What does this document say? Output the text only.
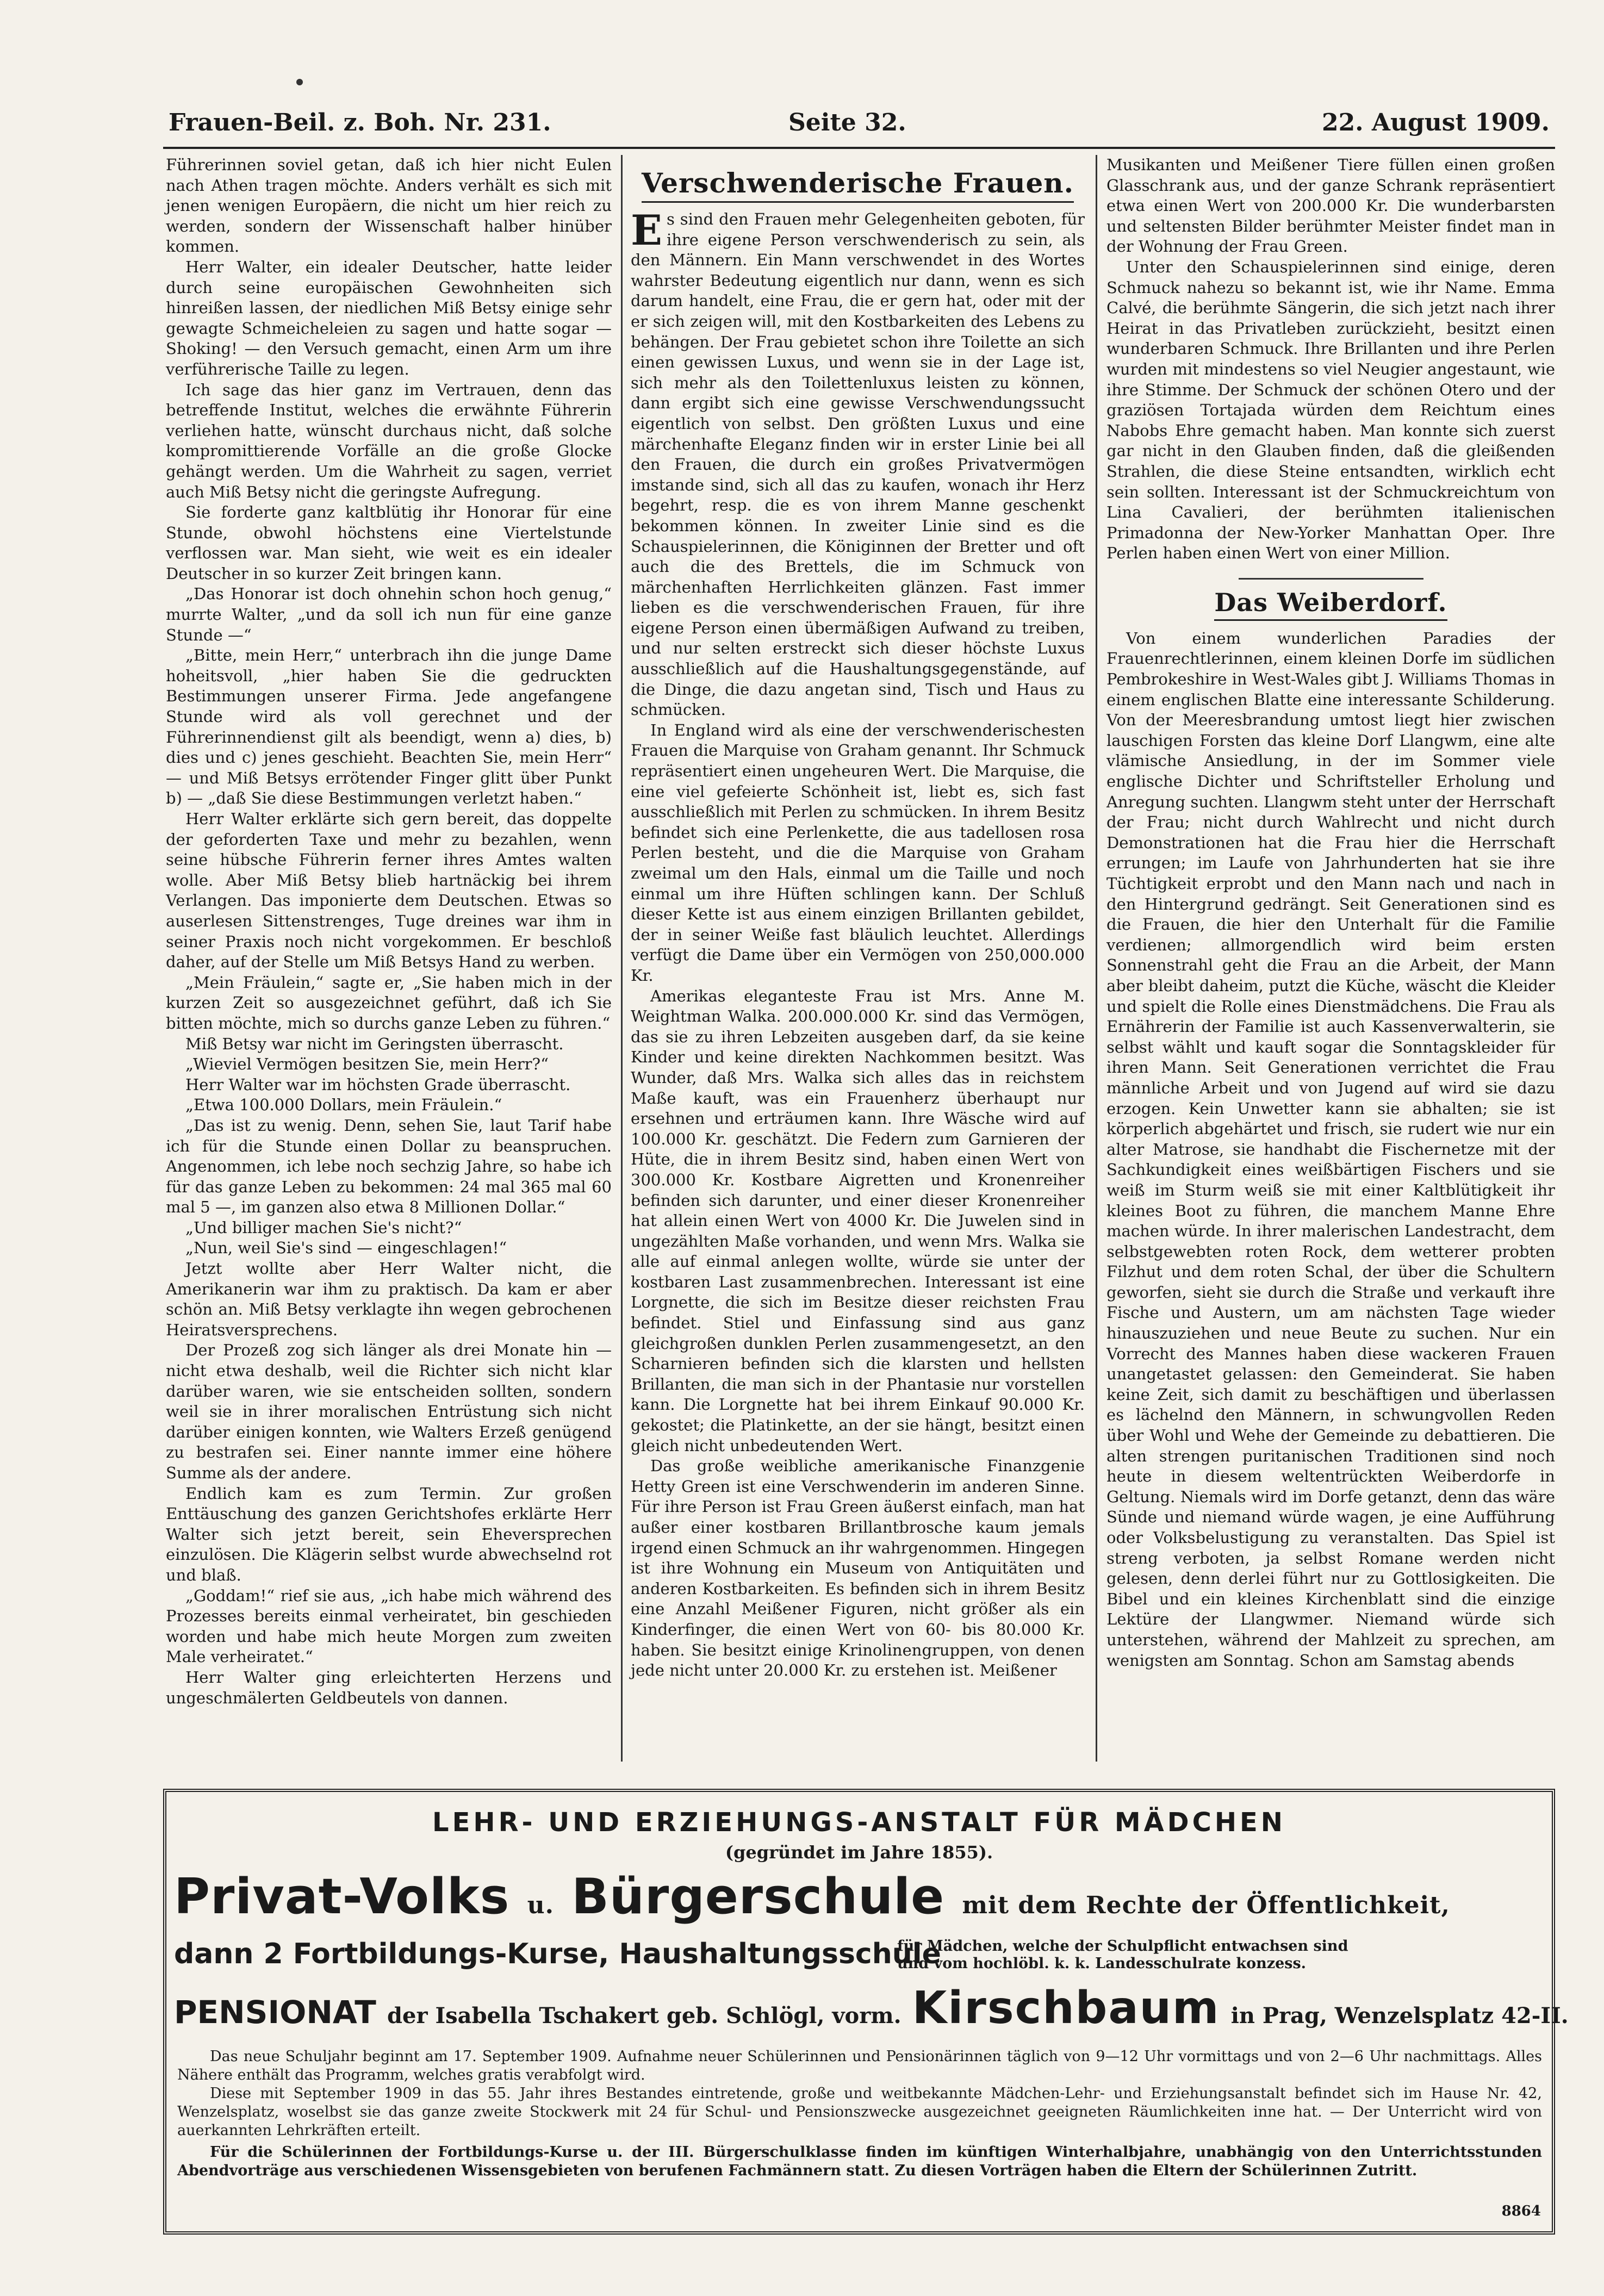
Frauen-Beil. z. Boh. Nr. 231.	Seite 32.	22. August 1909.

Führerinnen soviel getan, daß ich hier nicht Eulen nach Athen tragen möchte. Anders verhält es sich mit jenen wenigen Europäern, die nicht um hier reich zu werden, sondern der Wissenschaft halber hinüber kommen.

Herr Walter, ein idealer Deutscher, hatte leider durch seine europäischen Gewohnheiten sich hinreißen lassen, der niedlichen Miß Betsy einige sehr gewagte Schmeicheleien zu sagen und hatte sogar — Shoking! — den Versuch gemacht, einen Arm um ihre verführerische Taille zu legen.

Ich sage das hier ganz im Vertrauen, denn das betreffende Institut, welches die erwähnte Führerin verliehen hatte, wünscht durchaus nicht, daß solche kompromittierende Vorfälle an die große Glocke gehängt werden. Um die Wahrheit zu sagen, verriet auch Miß Betsy nicht die geringste Aufregung.

Sie forderte ganz kaltblütig ihr Honorar für eine Stunde, obwohl höchstens eine Viertelstunde verflossen war. Man sieht, wie weit es ein idealer Deutscher in so kurzer Zeit bringen kann.

„Das Honorar ist doch ohnehin schon hoch genug,“ murrte Walter, „und da soll ich nun für eine ganze Stunde —“

„Bitte, mein Herr,“ unterbrach ihn die junge Dame hoheitsvoll, „hier haben Sie die gedruckten Bestimmungen unserer Firma. Jede angefangene Stunde wird als voll gerechnet und der Führerinnendienst gilt als beendigt, wenn a) dies, b) dies und c) jenes geschieht. Beachten Sie, mein Herr“ — und Miß Betsys errötender Finger glitt über Punkt b) — „daß Sie diese Bestimmungen verletzt haben.“

Herr Walter erklärte sich gern bereit, das doppelte der geforderten Taxe und mehr zu bezahlen, wenn seine hübsche Führerin ferner ihres Amtes walten wolle. Aber Miß Betsy blieb hartnäckig bei ihrem Verlangen. Das imponierte dem Deutschen. Etwas so auserlesen Sittenstrenges, Tuge dreines war ihm in seiner Praxis noch nicht vorgekommen. Er beschloß daher, auf der Stelle um Miß Betsys Hand zu werben.

„Mein Fräulein,“ sagte er, „Sie haben mich in der kurzen Zeit so ausgezeichnet geführt, daß ich Sie bitten möchte, mich so durchs ganze Leben zu führen.“

Miß Betsy war nicht im Geringsten überrascht.

„Wieviel Vermögen besitzen Sie, mein Herr?“

Herr Walter war im höchsten Grade überrascht.

„Etwa 100.000 Dollars, mein Fräulein.“

„Das ist zu wenig. Denn, sehen Sie, laut Tarif habe ich für die Stunde einen Dollar zu beanspruchen. Angenommen, ich lebe noch sechzig Jahre, so habe ich für das ganze Leben zu bekommen: 24 mal 365 mal 60 mal 5 —, im ganzen also etwa 8 Millionen Dollar.“

„Und billiger machen Sie's nicht?“

„Nun, weil Sie's sind — eingeschlagen!“

Jetzt wollte aber Herr Walter nicht, die Amerikanerin war ihm zu praktisch. Da kam er aber schön an. Miß Betsy verklagte ihn wegen gebrochenen Heiratsversprechens.

Der Prozeß zog sich länger als drei Monate hin — nicht etwa deshalb, weil die Richter sich nicht klar darüber waren, wie sie entscheiden sollten, sondern weil sie in ihrer moralischen Entrüstung sich nicht darüber einigen konnten, wie Walters Erzeß genügend zu bestrafen sei. Einer nannte immer eine höhere Summe als der andere.

Endlich kam es zum Termin. Zur großen Enttäuschung des ganzen Gerichtshofes erklärte Herr Walter sich jetzt bereit, sein Eheversprechen einzulösen. Die Klägerin selbst wurde abwechselnd rot und blaß.

„Goddam!“ rief sie aus, „ich habe mich während des Prozesses bereits einmal verheiratet, bin geschieden worden und habe mich heute Morgen zum zweiten Male verheiratet.“

Herr Walter ging erleichterten Herzens und ungeschmälerten Geldbeutels von dannen.

Verschwenderische Frauen.

Es sind den Frauen mehr Gelegenheiten geboten, für ihre eigene Person verschwenderisch zu sein, als den Männern. Ein Mann verschwendet in des Wortes wahrster Bedeutung eigentlich nur dann, wenn es sich darum handelt, eine Frau, die er gern hat, oder mit der er sich zeigen will, mit den Kostbarkeiten des Lebens zu behängen. Der Frau gebietet schon ihre Toilette an sich einen gewissen Luxus, und wenn sie in der Lage ist, sich mehr als den Toilettenluxus leisten zu können, dann ergibt sich eine gewisse Verschwendungssucht eigentlich von selbst. Den größten Luxus und eine märchenhafte Eleganz finden wir in erster Linie bei all den Frauen, die durch ein großes Privatvermögen imstande sind, sich all das zu kaufen, wonach ihr Herz begehrt, resp. die es von ihrem Manne geschenkt bekommen können. In zweiter Linie sind es die Schauspielerinnen, die Königinnen der Bretter und oft auch die des Brettels, die im Schmuck von märchenhaften Herrlichkeiten glänzen. Fast immer lieben es die verschwenderischen Frauen, für ihre eigene Person einen übermäßigen Aufwand zu treiben, und nur selten erstreckt sich dieser höchste Luxus ausschließlich auf die Haushaltungsgegenstände, auf die Dinge, die dazu angetan sind, Tisch und Haus zu schmücken.

In England wird als eine der verschwenderischesten Frauen die Marquise von Graham genannt. Ihr Schmuck repräsentiert einen ungeheuren Wert. Die Marquise, die eine viel gefeierte Schönheit ist, liebt es, sich fast ausschließlich mit Perlen zu schmücken. In ihrem Besitz befindet sich eine Perlenkette, die aus tadellosen rosa Perlen besteht, und die die Marquise von Graham zweimal um den Hals, einmal um die Taille und noch einmal um ihre Hüften schlingen kann. Der Schluß dieser Kette ist aus einem einzigen Brillanten gebildet, der in seiner Weiße fast bläulich leuchtet. Allerdings verfügt die Dame über ein Vermögen von 250,000.000 Kr.

Amerikas eleganteste Frau ist Mrs. Anne M. Weightman Walka. 200.000.000 Kr. sind das Vermögen, das sie zu ihren Lebzeiten ausgeben darf, da sie keine Kinder und keine direkten Nachkommen besitzt. Was Wunder, daß Mrs. Walka sich alles das in reichstem Maße kauft, was ein Frauenherz überhaupt nur ersehnen und erträumen kann. Ihre Wäsche wird auf 100.000 Kr. geschätzt. Die Federn zum Garnieren der Hüte, die in ihrem Besitz sind, haben einen Wert von 300.000 Kr. Kostbare Aigretten und Kronenreiher befinden sich darunter, und einer dieser Kronenreiher hat allein einen Wert von 4000 Kr. Die Juwelen sind in ungezählten Maße vorhanden, und wenn Mrs. Walka sie alle auf einmal anlegen wollte, würde sie unter der kostbaren Last zusammenbrechen. Interessant ist eine Lorgnette, die sich im Besitze dieser reichsten Frau befindet. Stiel und Einfassung sind aus ganz gleichgroßen dunklen Perlen zusammengesetzt, an den Scharnieren befinden sich die klarsten und hellsten Brillanten, die man sich in der Phantasie nur vorstellen kann. Die Lorgnette hat bei ihrem Einkauf 90.000 Kr. gekostet; die Platinkette, an der sie hängt, besitzt einen gleich nicht unbedeutenden Wert.

Das große weibliche amerikanische Finanzgenie Hetty Green ist eine Verschwenderin im anderen Sinne. Für ihre Person ist Frau Green äußerst einfach, man hat außer einer kostbaren Brillantbrosche kaum jemals irgend einen Schmuck an ihr wahrgenommen. Hingegen ist ihre Wohnung ein Museum von Antiquitäten und anderen Kostbarkeiten. Es befinden sich in ihrem Besitz eine Anzahl Meißener Figuren, nicht größer als ein Kinderfinger, die einen Wert von 60- bis 80.000 Kr. haben. Sie besitzt einige Krinolinengruppen, von denen jede nicht unter 20.000 Kr. zu erstehen ist. Meißener

Musikanten und Meißener Tiere füllen einen großen Glasschrank aus, und der ganze Schrank repräsentiert etwa einen Wert von 200.000 Kr. Die wunderbarsten und seltensten Bilder berühmter Meister findet man in der Wohnung der Frau Green.

Unter den Schauspielerinnen sind einige, deren Schmuck nahezu so bekannt ist, wie ihr Name. Emma Calvé, die berühmte Sängerin, die sich jetzt nach ihrer Heirat in das Privatleben zurückzieht, besitzt einen wunderbaren Schmuck. Ihre Brillanten und ihre Perlen wurden mit mindestens so viel Neugier angestaunt, wie ihre Stimme. Der Schmuck der schönen Otero und der graziösen Tortajada würden dem Reichtum eines Nabobs Ehre gemacht haben. Man konnte sich zuerst gar nicht in den Glauben finden, daß die gleißenden Strahlen, die diese Steine entsandten, wirklich echt sein sollten. Interessant ist der Schmuckreichtum von Lina Cavalieri, der berühmten italienischen Primadonna der New-Yorker Manhattan Oper. Ihre Perlen haben einen Wert von einer Million.

Das Weiberdorf.

Von einem wunderlichen Paradies der Frauenrechtlerinnen, einem kleinen Dorfe im südlichen Pembrokeshire in West-Wales gibt J. Williams Thomas in einem englischen Blatte eine interessante Schilderung. Von der Meeresbrandung umtost liegt hier zwischen lauschigen Forsten das kleine Dorf Llangwm, eine alte vlämische Ansiedlung, in der im Sommer viele englische Dichter und Schriftsteller Erholung und Anregung suchten. Llangwm steht unter der Herrschaft der Frau; nicht durch Wahlrecht und nicht durch Demonstrationen hat die Frau hier die Herrschaft errungen; im Laufe von Jahrhunderten hat sie ihre Tüchtigkeit erprobt und den Mann nach und nach in den Hintergrund gedrängt. Seit Generationen sind es die Frauen, die hier den Unterhalt für die Familie verdienen; allmorgendlich wird beim ersten Sonnenstrahl geht die Frau an die Arbeit, der Mann aber bleibt daheim, putzt die Küche, wäscht die Kleider und spielt die Rolle eines Dienstmädchens. Die Frau als Ernährerin der Familie ist auch Kassenverwalterin, sie selbst wählt und kauft sogar die Sonntagskleider für ihren Mann. Seit Generationen verrichtet die Frau männliche Arbeit und von Jugend auf wird sie dazu erzogen. Kein Unwetter kann sie abhalten; sie ist körperlich abgehärtet und frisch, sie rudert wie nur ein alter Matrose, sie handhabt die Fischernetze mit der Sachkundigkeit eines weißbärtigen Fischers und sie weiß im Sturm weiß sie mit einer Kaltblütigkeit ihr kleines Boot zu führen, die manchem Manne Ehre machen würde. In ihrer malerischen Landestracht, dem selbstgewebten roten Rock, dem wetterer probten Filzhut und dem roten Schal, der über die Schultern geworfen, sieht sie durch die Straße und verkauft ihre Fische und Austern, um am nächsten Tage wieder hinauszuziehen und neue Beute zu suchen. Nur ein Vorrecht des Mannes haben diese wackeren Frauen unangetastet gelassen: den Gemeinderat. Sie haben keine Zeit, sich damit zu beschäftigen und überlassen es lächelnd den Männern, in schwungvollen Reden über Wohl und Wehe der Gemeinde zu debattieren. Die alten strengen puritanischen Traditionen sind noch heute in diesem weltentrückten Weiberdorfe in Geltung. Niemals wird im Dorfe getanzt, denn das wäre Sünde und niemand würde wagen, je eine Aufführung oder Volksbelustigung zu veranstalten. Das Spiel ist streng verboten, ja selbst Romane werden nicht gelesen, denn derlei führt nur zu Gottlosigkeiten. Die Bibel und ein kleines Kirchenblatt sind die einzige Lektüre der Llangwmer. Niemand würde sich unterstehen, während der Mahlzeit zu sprechen, am wenigsten am Sonntag. Schon am Samstag abends

LEHR- UND ERZIEHUNGS-ANSTALT FÜR MÄDCHEN
(gegründet im Jahre 1855).
Privat-Volks u. Bürgerschule mit dem Rechte der Öffentlichkeit,
dann 2 Fortbildungs-Kurse, Haushaltungsschule
für Mädchen, welche der Schulpflicht entwachsen sind
und vom hochlöbl. k. k. Landesschulrate konzess.
PENSIONAT der Isabella Tschakert geb. Schlögl, vorm. Kirschbaum in Prag, Wenzelsplatz 42-II.

Das neue Schuljahr beginnt am 17. September 1909. Aufnahme neuer Schülerinnen und Pensionärinnen täglich von 9—12 Uhr vormittags und von 2—6 Uhr nachmittags. Alles Nähere enthält das Programm, welches gratis verabfolgt wird.

Diese mit September 1909 in das 55. Jahr ihres Bestandes eintretende, große und weitbekannte Mädchen-Lehr- und Erziehungsanstalt befindet sich im Hause Nr. 42, Wenzelsplatz, woselbst sie das ganze zweite Stockwerk mit 24 für Schul- und Pensionszwecke ausgezeichnet geeigneten Räumlichkeiten inne hat. — Der Unterricht wird von auerkannten Lehrkräften erteilt.

Für die Schülerinnen der Fortbildungs-Kurse u. der III. Bürgerschulklasse finden im künftigen Winterhalbjahre, unabhängig von den Unterrichtsstunden Abendvorträge aus verschiedenen Wissensgebieten von berufenen Fachmännern statt. Zu diesen Vorträgen haben die Eltern der Schülerinnen Zutritt.

8864
